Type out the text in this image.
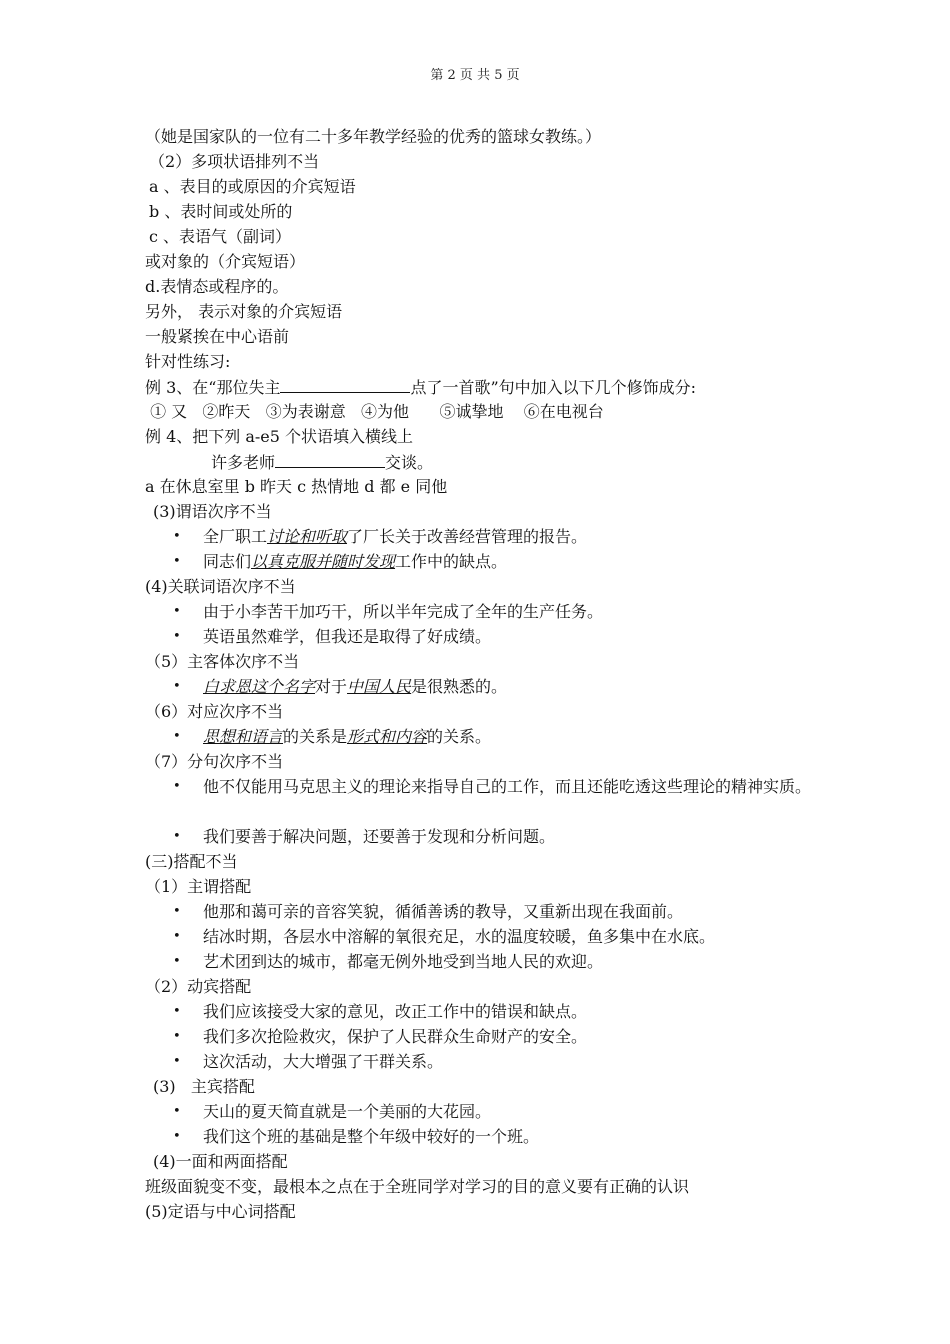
第 2 页 共 5 页
（她是国家队的一位有二十多年教学经验的优秀的篮球女教练。）
（2）多项状语排列不当
a 、表目的或原因的介宾短语
b 、表时间或处所的
c 、表语气（副词）
或对象的（介宾短语）
d.表情态或程序的。
另外， 表示对象的介宾短语
一般紧挨在中心语前
针对性练习:
例 3、在“那位失主	点了一首歌”句中加入以下几个修饰成分:
① 又   ②昨天   ③为表谢意   ④为他      ⑤诚挚地    ⑥在电视台
例 4、把下列 a-e5 个状语填入横线上
许多老师	交谈。
a 在休息室里 b 昨天 c 热情地 d 都 e 同他
(3)谓语次序不当
• 全厂职工讨论和听取了厂长关于改善经营管理的报告。
• 同志们以真克服并随时发现工作中的缺点。
(4)关联词语次序不当
• 由于小李苦干加巧干，所以半年完成了全年的生产任务。
• 英语虽然难学，但我还是取得了好成绩。
（5）主客体次序不当
• 白求恩这个名字对于中国人民是很熟悉的。
（6）对应次序不当
• 思想和语言的关系是形式和内容的关系。
（7）分句次序不当
• 他不仅能用马克思主义的理论来指导自己的工作，而且还能吃透这些理论的精神实质。
• 我们要善于解决问题，还要善于发现和分析问题。
(三)搭配不当
（1）主谓搭配
• 他那和蔼可亲的音容笑貌，循循善诱的教导，又重新出现在我面前。
• 结冰时期，各层水中溶解的氧很充足，水的温度较暖，鱼多集中在水底。
• 艺术团到达的城市，都毫无例外地受到当地人民的欢迎。
（2）动宾搭配
• 我们应该接受大家的意见，改正工作中的错误和缺点。
• 我们多次抢险救灾，保护了人民群众生命财产的安全。
• 这次活动，大大增强了干群关系。
(3)   主宾搭配
• 天山的夏天简直就是一个美丽的大花园。
• 我们这个班的基础是整个年级中较好的一个班。
(4)一面和两面搭配
班级面貌变不变，最根本之点在于全班同学对学习的目的意义要有正确的认识
(5)定语与中心词搭配
